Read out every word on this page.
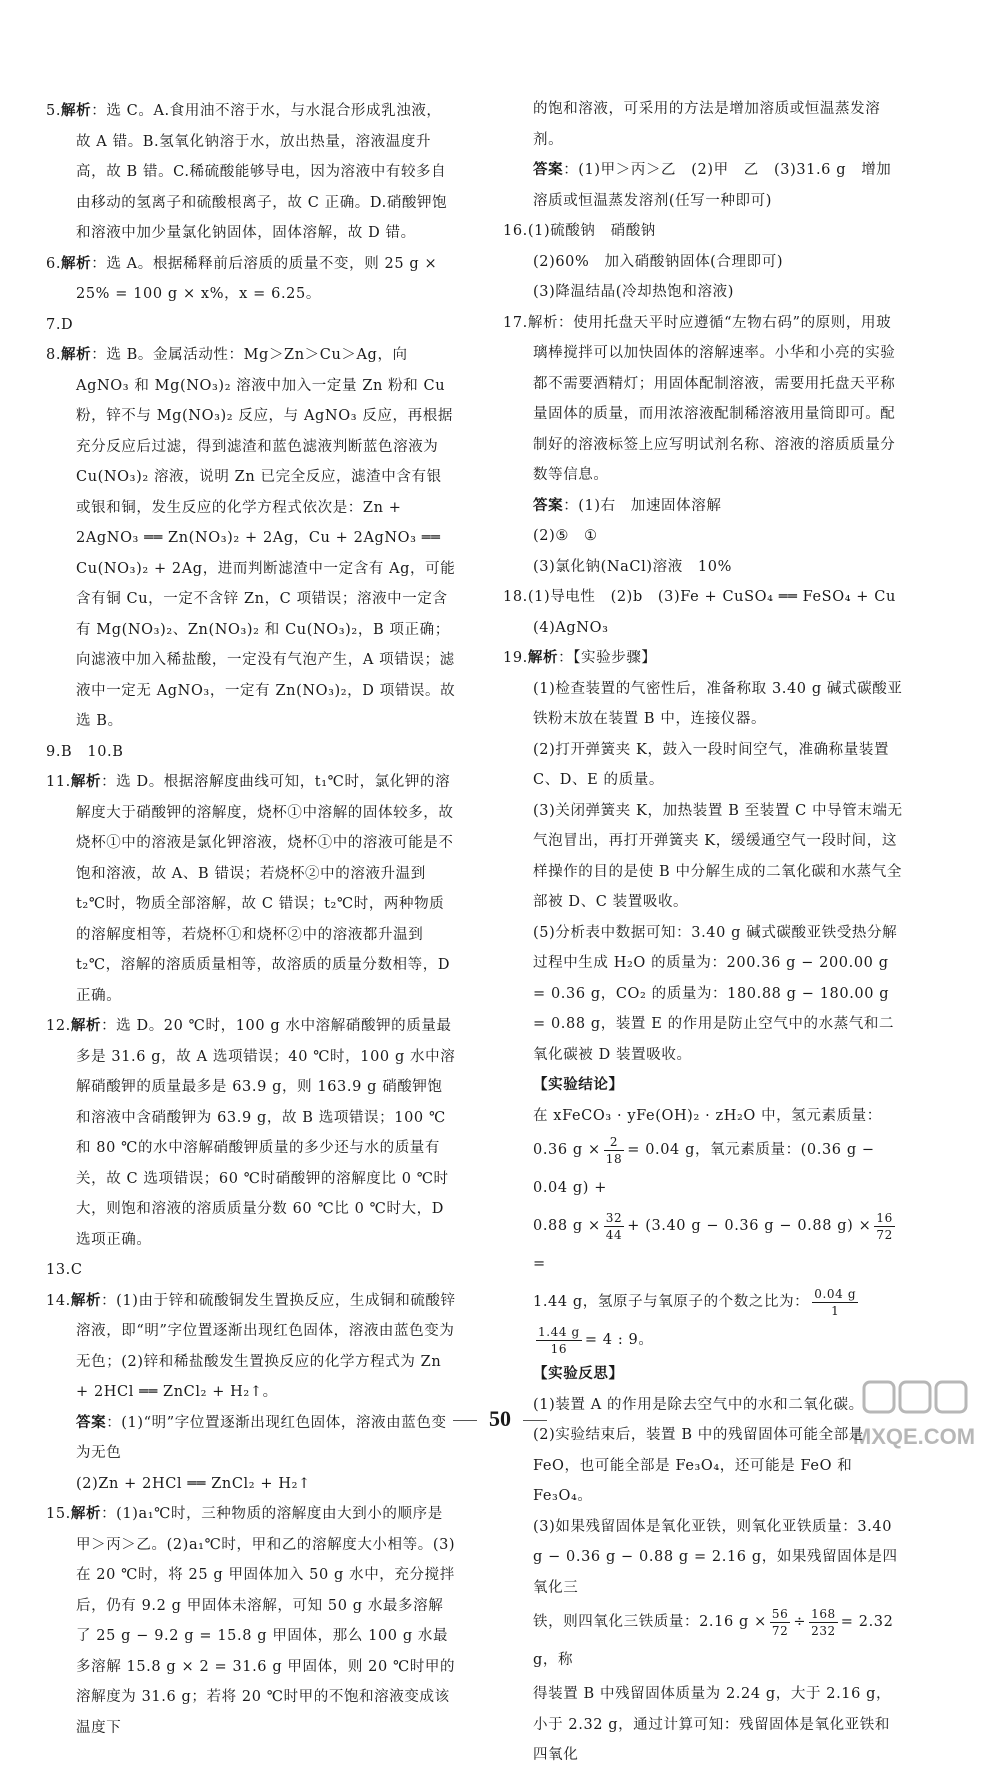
5.解析：选 C。A.食用油不溶于水，与水混合形成乳浊液，故 A 错。B.氢氧化钠溶于水，放出热量，溶液温度升高，故 B 错。C.稀硫酸能够导电，因为溶液中有较多自由移动的氢离子和硫酸根离子，故 C 正确。D.硝酸钾饱和溶液中加少量氯化钠固体，固体溶解，故 D 错。

6.解析：选 A。根据稀释前后溶质的质量不变，则 25 g × 25% = 100 g × x%，x = 6.25。

7.D

8.解析：选 B。金属活动性：Mg＞Zn＞Cu＞Ag，向 AgNO₃ 和 Mg(NO₃)₂ 溶液中加入一定量 Zn 粉和 Cu 粉，锌不与 Mg(NO₃)₂ 反应，与 AgNO₃ 反应，再根据充分反应后过滤，得到滤渣和蓝色滤液判断蓝色溶液为 Cu(NO₃)₂ 溶液，说明 Zn 已完全反应，滤渣中含有银或银和铜，发生反应的化学方程式依次是：Zn + 2AgNO₃ ══ Zn(NO₃)₂ + 2Ag，Cu + 2AgNO₃ ══ Cu(NO₃)₂ + 2Ag，进而判断滤渣中一定含有 Ag，可能含有铜 Cu，一定不含锌 Zn，C 项错误；溶液中一定含有 Mg(NO₃)₂、Zn(NO₃)₂ 和 Cu(NO₃)₂，B 项正确；向滤液中加入稀盐酸，一定没有气泡产生，A 项错误；滤液中一定无 AgNO₃，一定有 Zn(NO₃)₂，D 项错误。故选 B。

9.B　10.B

11.解析：选 D。根据溶解度曲线可知，t₁℃时，氯化钾的溶解度大于硝酸钾的溶解度，烧杯①中溶解的固体较多，故烧杯①中的溶液是氯化钾溶液，烧杯①中的溶液可能是不饱和溶液，故 A、B 错误；若烧杯②中的溶液升温到 t₂℃时，物质全部溶解，故 C 错误；t₂℃时，两种物质的溶解度相等，若烧杯①和烧杯②中的溶液都升温到 t₂℃，溶解的溶质质量相等，故溶质的质量分数相等，D 正确。

12.解析：选 D。20 ℃时，100 g 水中溶解硝酸钾的质量最多是 31.6 g，故 A 选项错误；40 ℃时，100 g 水中溶解硝酸钾的质量最多是 63.9 g，则 163.9 g 硝酸钾饱和溶液中含硝酸钾为 63.9 g，故 B 选项错误；100 ℃和 80 ℃的水中溶解硝酸钾质量的多少还与水的质量有关，故 C 选项错误；60 ℃时硝酸钾的溶解度比 0 ℃时大，则饱和溶液的溶质质量分数 60 ℃比 0 ℃时大，D 选项正确。

13.C

14.解析：(1)由于锌和硫酸铜发生置换反应，生成铜和硫酸锌溶液，即“明”字位置逐渐出现红色固体，溶液由蓝色变为无色；(2)锌和稀盐酸发生置换反应的化学方程式为 Zn + 2HCl ══ ZnCl₂ + H₂↑。

答案：(1)“明”字位置逐渐出现红色固体，溶液由蓝色变为无色

(2)Zn + 2HCl ══ ZnCl₂ + H₂↑

15.解析：(1)a₁℃时，三种物质的溶解度由大到小的顺序是甲＞丙＞乙。(2)a₁℃时，甲和乙的溶解度大小相等。(3)在 20 ℃时，将 25 g 甲固体加入 50 g 水中，充分搅拌后，仍有 9.2 g 甲固体未溶解，可知 50 g 水最多溶解了 25 g − 9.2 g = 15.8 g 甲固体，那么 100 g 水最多溶解 15.8 g × 2 = 31.6 g 甲固体，则 20 ℃时甲的溶解度为 31.6 g；若将 20 ℃时甲的不饱和溶液变成该温度下

的饱和溶液，可采用的方法是增加溶质或恒温蒸发溶剂。

答案：(1)甲＞丙＞乙　(2)甲　乙　(3)31.6 g　增加溶质或恒温蒸发溶剂(任写一种即可)

16.(1)硫酸钠　硝酸钠

(2)60%　加入硝酸钠固体(合理即可)

(3)降温结晶(冷却热饱和溶液)

17.解析：使用托盘天平时应遵循“左物右码”的原则，用玻璃棒搅拌可以加快固体的溶解速率。小华和小亮的实验都不需要酒精灯；用固体配制溶液，需要用托盘天平称量固体的质量，而用浓溶液配制稀溶液用量筒即可。配制好的溶液标签上应写明试剂名称、溶液的溶质质量分数等信息。

答案：(1)右　加速固体溶解

(2)⑤　①

(3)氯化钠(NaCl)溶液　10%

18.(1)导电性　(2)b　(3)Fe + CuSO₄ ══ FeSO₄ + Cu

(4)AgNO₃

19.解析：【实验步骤】

(1)检查装置的气密性后，准备称取 3.40 g 碱式碳酸亚铁粉末放在装置 B 中，连接仪器。

(2)打开弹簧夹 K，鼓入一段时间空气，准确称量装置 C、D、E 的质量。

(3)关闭弹簧夹 K，加热装置 B 至装置 C 中导管末端无气泡冒出，再打开弹簧夹 K，缓缓通空气一段时间，这样操作的目的是使 B 中分解生成的二氧化碳和水蒸气全部被 D、C 装置吸收。

(5)分析表中数据可知：3.40 g 碱式碳酸亚铁受热分解过程中生成 H₂O 的质量为：200.36 g − 200.00 g = 0.36 g，CO₂ 的质量为：180.88 g − 180.00 g = 0.88 g，装置 E 的作用是防止空气中的水蒸气和二氧化碳被 D 装置吸收。

【实验结论】

在 xFeCO₃ · yFe(OH)₂ · zH₂O 中，氢元素质量：

0.36 $g \times \frac{2}{18} = 0.04$ g，氧元素质量：(0.36 g − 0.04 g) +

0.88 $g \times \frac{32}{44} + (3.40$ g − 0.36 g − 0.88 $g) \times \frac{16}{72}$
=

1.44 g，氢原子与氧原子的个数之比为： $\frac{0.04 g}{1}$

$\frac{1.44 g}{16} = 4$ : 9。

【实验反思】

(1)装置 A 的作用是除去空气中的水和二氧化碳。

(2)实验结束后，装置 B 中的残留固体可能全部是 FeO，也可能全部是 Fe₃O₄，还可能是 FeO 和 Fe₃O₄。

(3)如果残留固体是氧化亚铁，则氧化亚铁质量：3.40 g − 0.36 g − 0.88 g = 2.16 g，如果残留固体是四氧化三

铁，则四氧化三铁质量：2.16 $g \times \frac{56}{72} \div \frac{168}{232} = 2.32$ g，称

得装置 B 中残留固体质量为 2.24 g，大于 2.16 g，小于 2.32 g，通过计算可知：残留固体是氧化亚铁和四氧化

50
MXQE.COM
